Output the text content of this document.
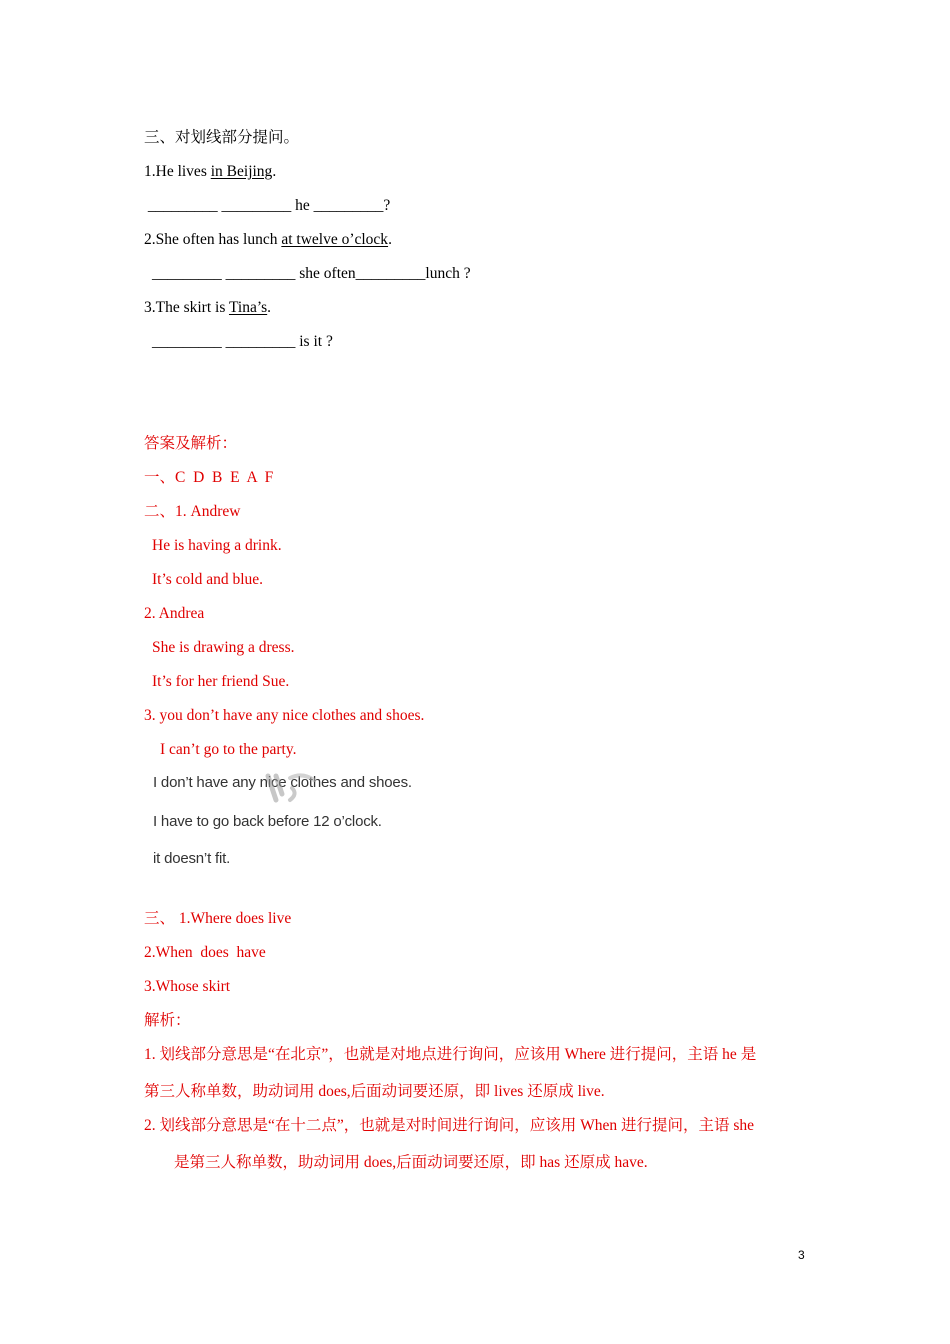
三、对划线部分提问。
1.He lives in Beijing.
_________ _________ he _________?
2.She often has lunch at twelve o’clock.
_________ _________ she often_________lunch ?
3.The skirt is Tina’s.
_________ _________ is it ?
答案及解析：
一、C  D  B  E  A  F
二、1. Andrew
He is having a drink.
It’s cold and blue.
2. Andrea
She is drawing a dress.
It’s for her friend Sue.
3. you don’t have any nice clothes and shoes.
I can’t go to the party.
I don’t have any nice clothes and shoes.
I have to go back before 12 o’clock.
it doesn’t fit.
三、 1.Where does live
2.When  does  have
3.Whose skirt
解析：
1. 划线部分意思是“在北京”，也就是对地点进行询问，应该用 Where 进行提问，主语 he 是
第三人称单数，助动词用 does,后面动词要还原，即 lives 还原成 live.
2. 划线部分意思是“在十二点”，也就是对时间进行询问，应该用 When 进行提问，主语 she
是第三人称单数，助动词用 does,后面动词要还原，即 has 还原成 have.
3
